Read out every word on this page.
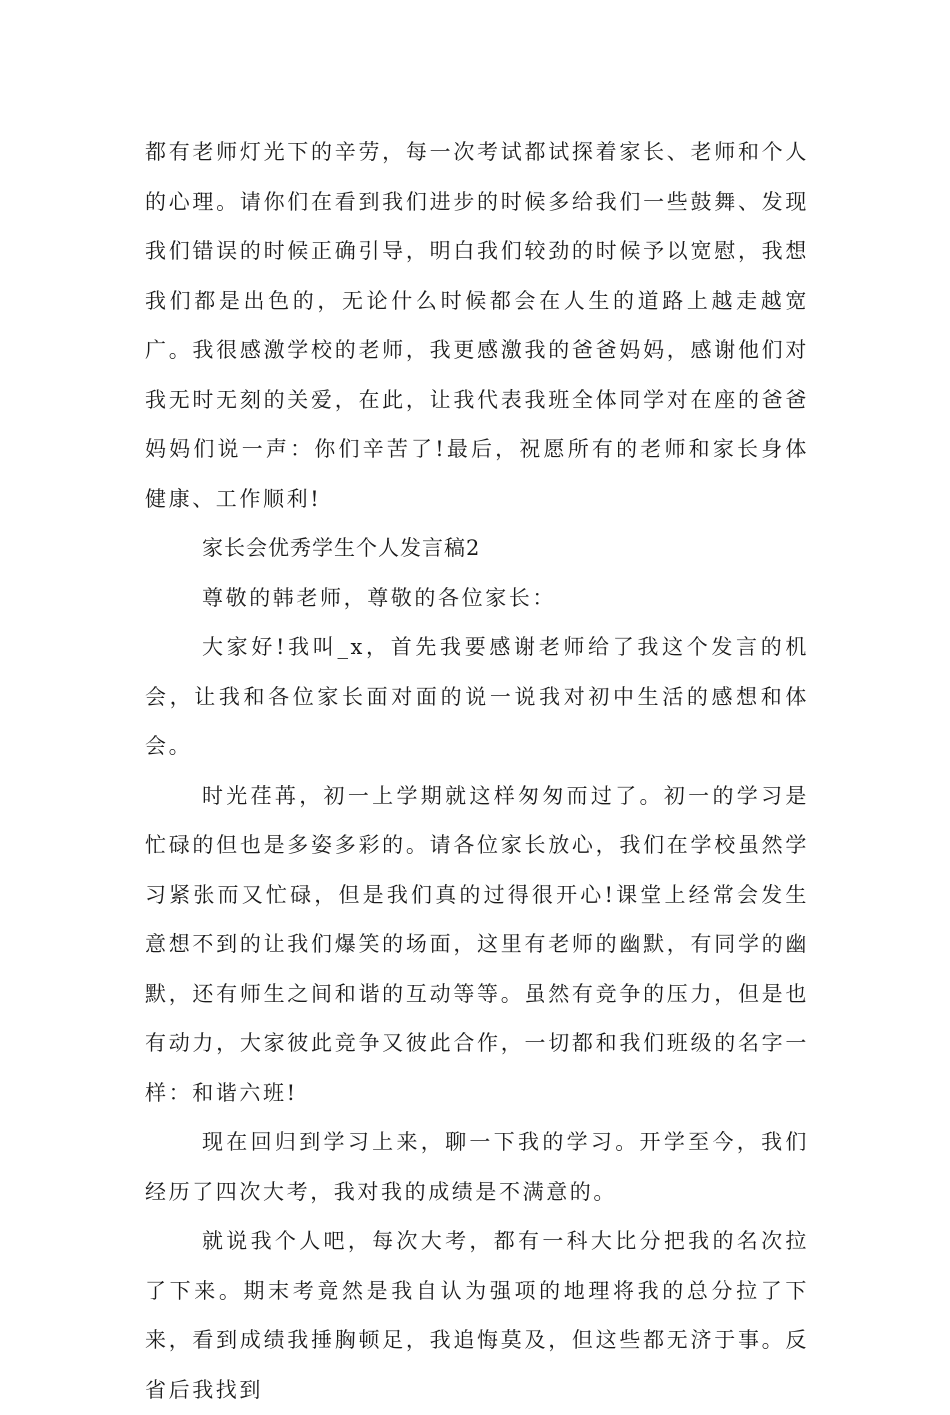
都有老师灯光下的辛劳，每一次考试都试探着家长、老师和个人的心理。请你们在看到我们进步的时候多给我们一些鼓舞、发现我们错误的时候正确引导，明白我们较劲的时候予以宽慰，我想我们都是出色的，无论什么时候都会在人生的道路上越走越宽广。我很感激学校的老师，我更感激我的爸爸妈妈，感谢他们对我无时无刻的关爱，在此，让我代表我班全体同学对在座的爸爸妈妈们说一声：你们辛苦了!最后，祝愿所有的老师和家长身体健康、工作顺利!

家长会优秀学生个人发言稿2

尊敬的韩老师，尊敬的各位家长：

大家好!我叫_x，首先我要感谢老师给了我这个发言的机会，让我和各位家长面对面的说一说我对初中生活的感想和体会。

时光荏苒，初一上学期就这样匆匆而过了。初一的学习是忙碌的但也是多姿多彩的。请各位家长放心，我们在学校虽然学习紧张而又忙碌，但是我们真的过得很开心!课堂上经常会发生意想不到的让我们爆笑的场面，这里有老师的幽默，有同学的幽默，还有师生之间和谐的互动等等。虽然有竞争的压力，但是也有动力，大家彼此竞争又彼此合作，一切都和我们班级的名字一样：和谐六班!

现在回归到学习上来，聊一下我的学习。开学至今，我们经历了四次大考，我对我的成绩是不满意的。

就说我个人吧，每次大考，都有一科大比分把我的名次拉了下来。期末考竟然是我自认为强项的地理将我的总分拉了下来，看到成绩我捶胸顿足，我追悔莫及，但这些都无济于事。反省后我找到
